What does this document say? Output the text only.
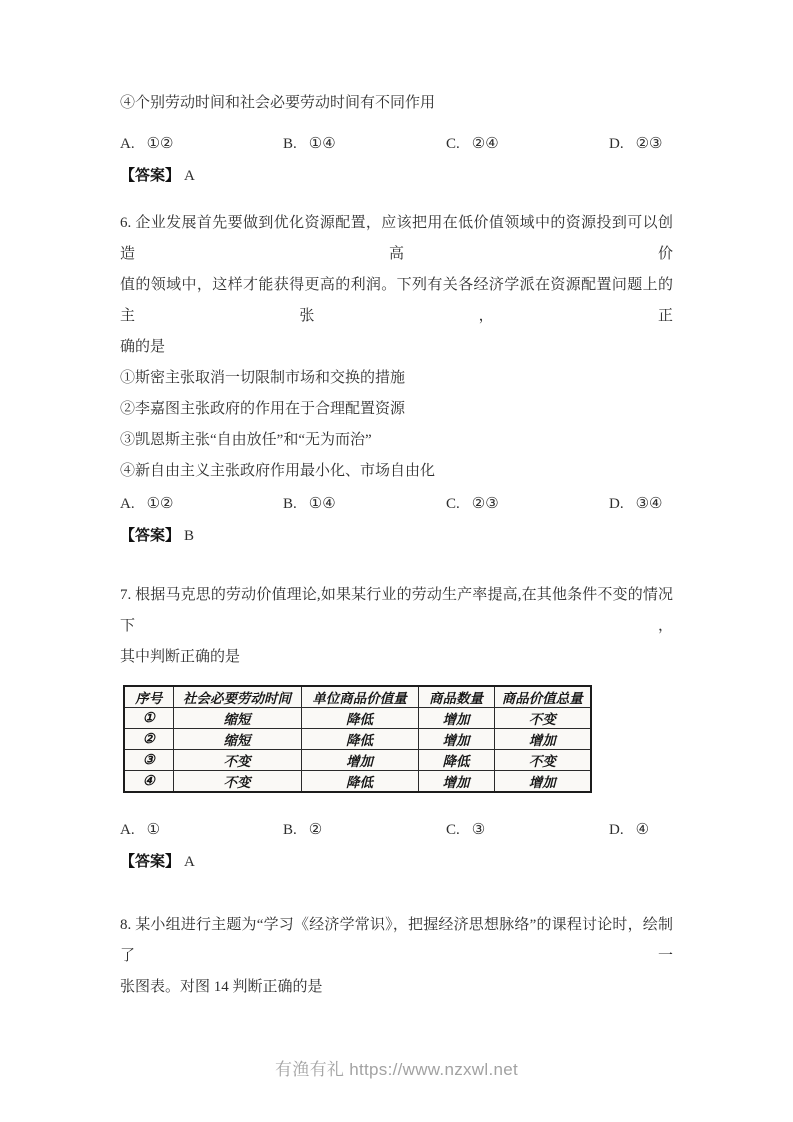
④个别劳动时间和社会必要劳动时间有不同作用

A. ①②	B. ①④	C. ②④	D. ②③

【答案】 A

6. 企业发展首先要做到优化资源配置，应该把用在低价值领域中的资源投到可以创造高价

值的领域中，这样才能获得更高的利润。下列有关各经济学派在资源配置问题上的主张，正

确的是

①斯密主张取消一切限制市场和交换的措施

②李嘉图主张政府的作用在于合理配置资源

③凯恩斯主张“自由放任”和“无为而治”

④新自由主义主张政府作用最小化、市场自由化

A. ①②	B. ①④	C. ②③	D. ③④

【答案】 B

7. 根据马克思的劳动价值理论,如果某行业的劳动生产率提高,在其他条件不变的情况下，

其中判断正确的是

序号	社会必要劳动时间	单位商品价值量	商品数量	商品价值总量
①	缩短	降低	增加	不变
②	缩短	降低	增加	增加
③	不变	增加	降低	不变
④	不变	降低	增加	增加
A. ①	B. ②	C. ③	D. ④

【答案】 A

8. 某小组进行主题为“学习《经济学常识》，把握经济思想脉络”的课程讨论时，绘制了一

张图表。对图 14 判断正确的是

有渔有礼 https://www.nzxwl.net
